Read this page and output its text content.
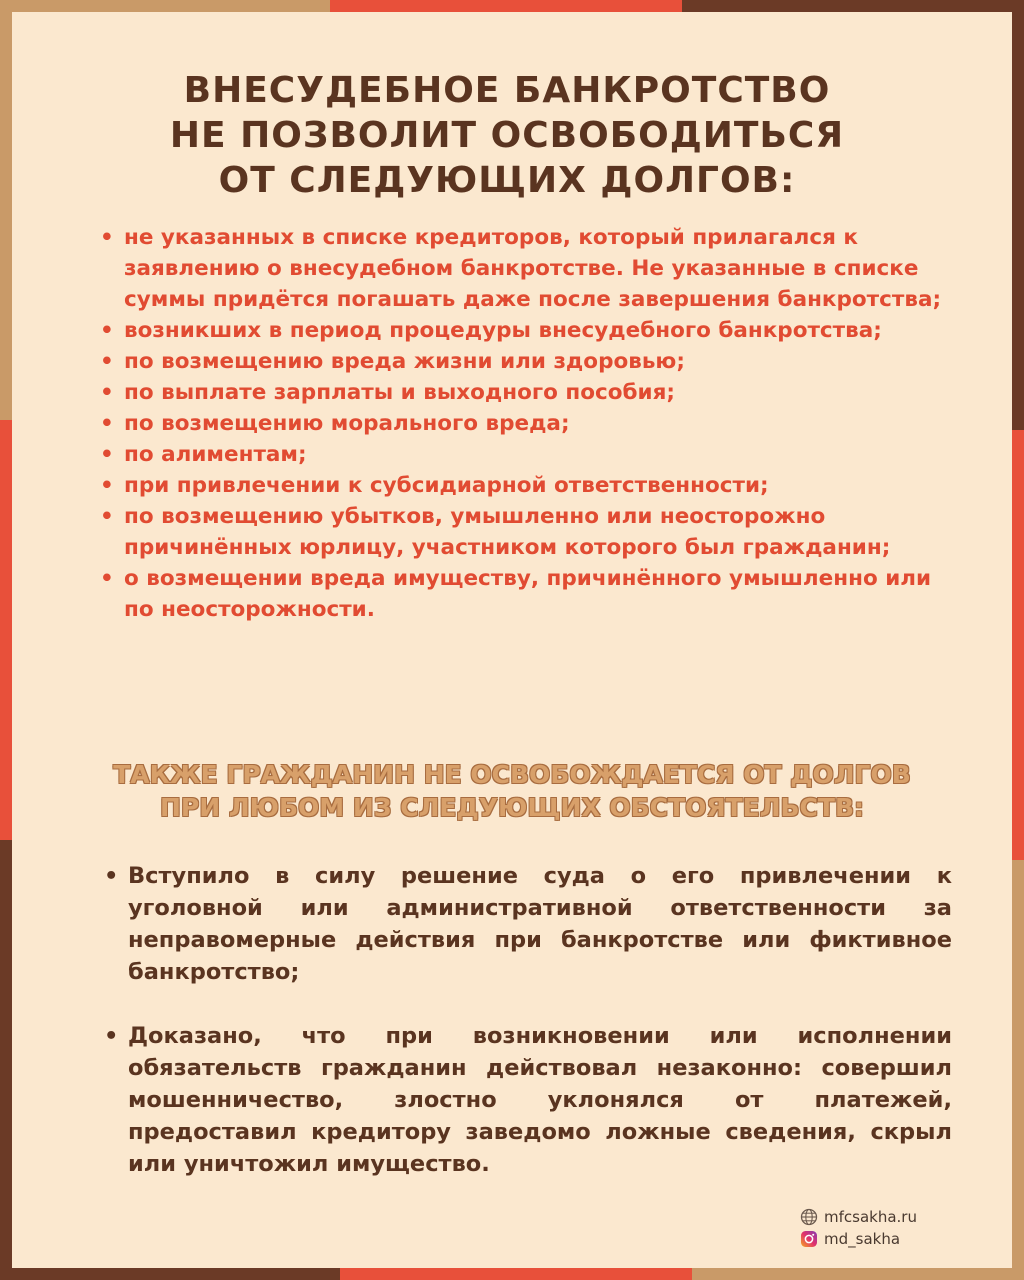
ВНЕСУДЕБНОЕ БАНКРОТСТВО
НЕ ПОЗВОЛИТ ОСВОБОДИТЬСЯ
ОТ СЛЕДУЮЩИХ ДОЛГОВ:
• не указанных в списке кредиторов, который прилагался к заявлению о внесудебном банкротстве. Не указанные в списке суммы придётся погашать даже после завершения банкротства;
• возникших в период процедуры внесудебного банкротства;
• по возмещению вреда жизни или здоровью;
• по выплате зарплаты и выходного пособия;
• по возмещению морального вреда;
• по алиментам;
• при привлечении к субсидиарной ответственности;
• по возмещению убытков, умышленно или неосторожно причинённых юрлицу, участником которого был гражданин;
• о возмещении вреда имуществу, причинённого умышленно или по неосторожности.
ТАКЖЕ ГРАЖДАНИН НЕ ОСВОБОЖДАЕТСЯ ОТ ДОЛГОВ
ПРИ ЛЮБОМ ИЗ СЛЕДУЮЩИХ ОБСТОЯТЕЛЬСТВ:
• Вступило в силу решение суда о его привлечении к уголовной или административной ответственности за неправомерные действия при банкротстве или фиктивное банкротство;
• Доказано, что при возникновении или исполнении обязательств гражданин действовал незаконно: совершил мошенничество, злостно уклонялся от платежей, предоставил кредитору заведомо ложные сведения, скрыл или уничтожил имущество.
mfcsakha.ru
md_sakha
